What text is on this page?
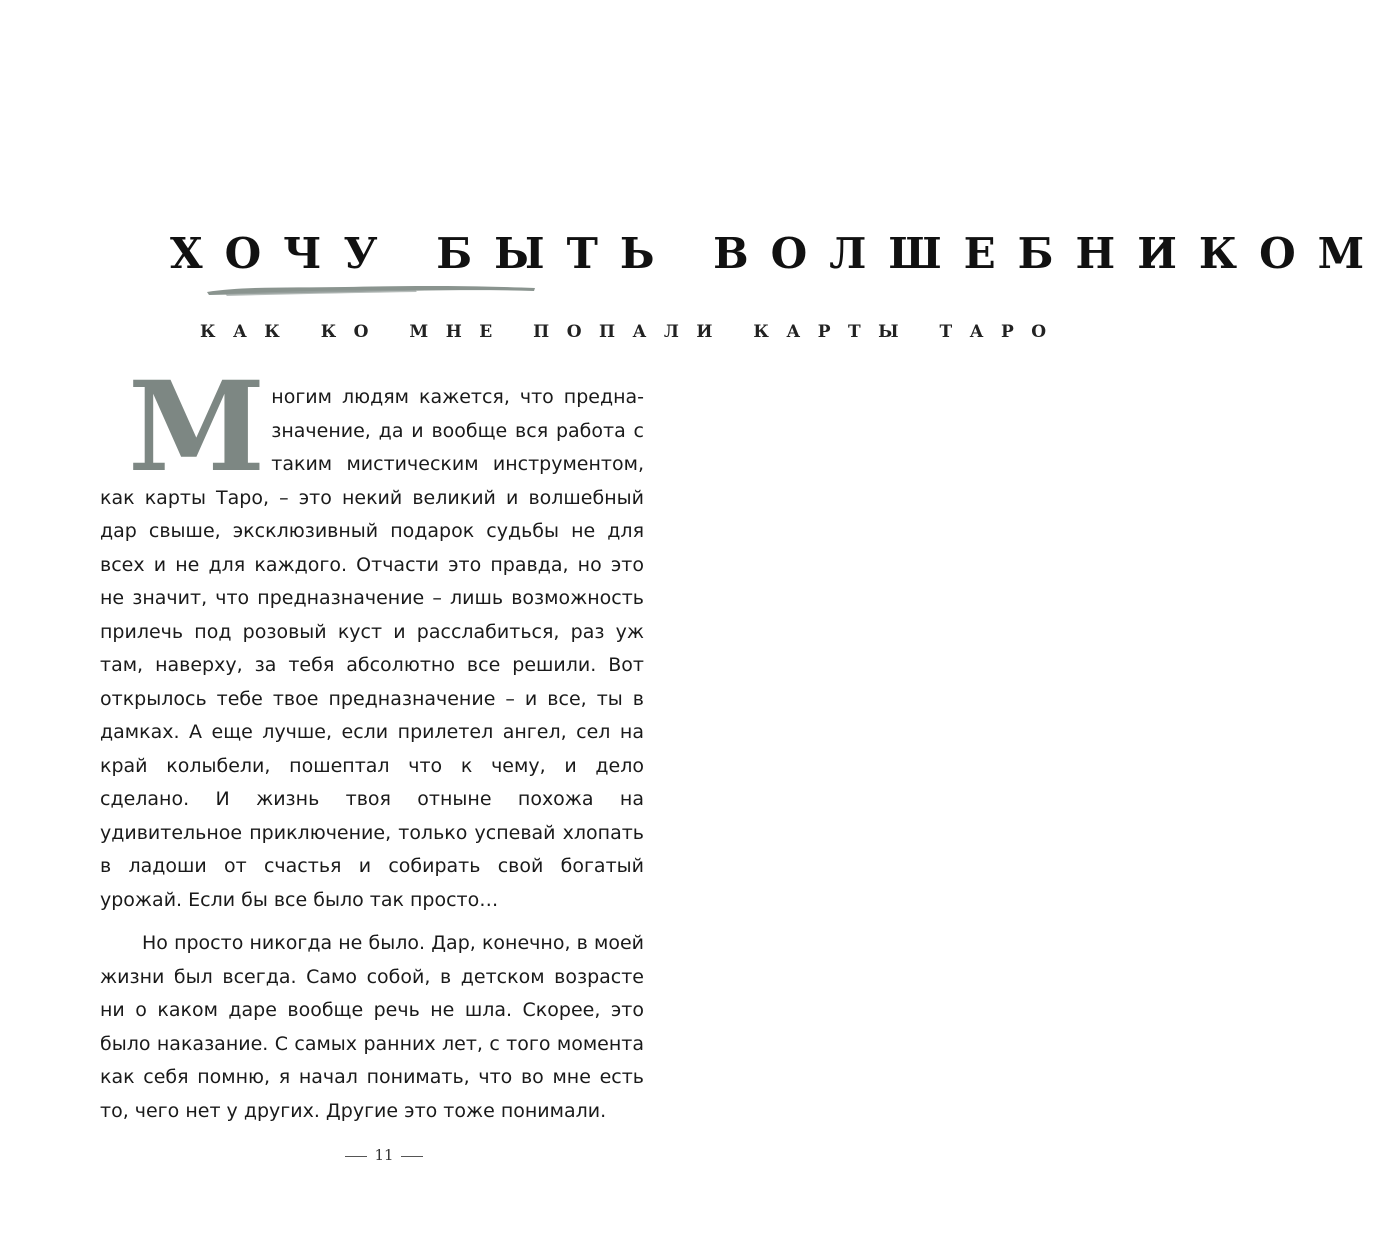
ХОЧУ БЫТЬ ВОЛШЕБНИКОМ
КАК КО МНЕ ПОПАЛИ КАРТЫ ТАРО

Многим людям кажется, что предназначение, да и вообще вся работа с таким мистическим инструментом, как карты Таро, – это некий великий и волшебный дар свыше, эксклюзивный подарок судьбы не для всех и не для каждого. Отчасти это правда, но это не значит, что предназначение – лишь возможность прилечь под розовый куст и расслабиться, раз уж там, наверху, за тебя абсолютно все решили. Вот открылось тебе твое предназначение – и все, ты в дамках. А еще лучше, если прилетел ангел, сел на край колыбели, пошептал что к чему, и дело сделано. И жизнь твоя отныне похожа на удивительное приключение, только успевай хлопать в ладоши от счастья и собирать свой богатый урожай. Если бы все было так просто…

Но просто никогда не было. Дар, конечно, в моей жизни был всегда. Само собой, в детском возрасте ни о каком даре вообще речь не шла. Скорее, это было наказание. С самых ранних лет, с того момента как себя помню, я начал понимать, что во мне есть то, чего нет у других. Другие это тоже понимали.

11
